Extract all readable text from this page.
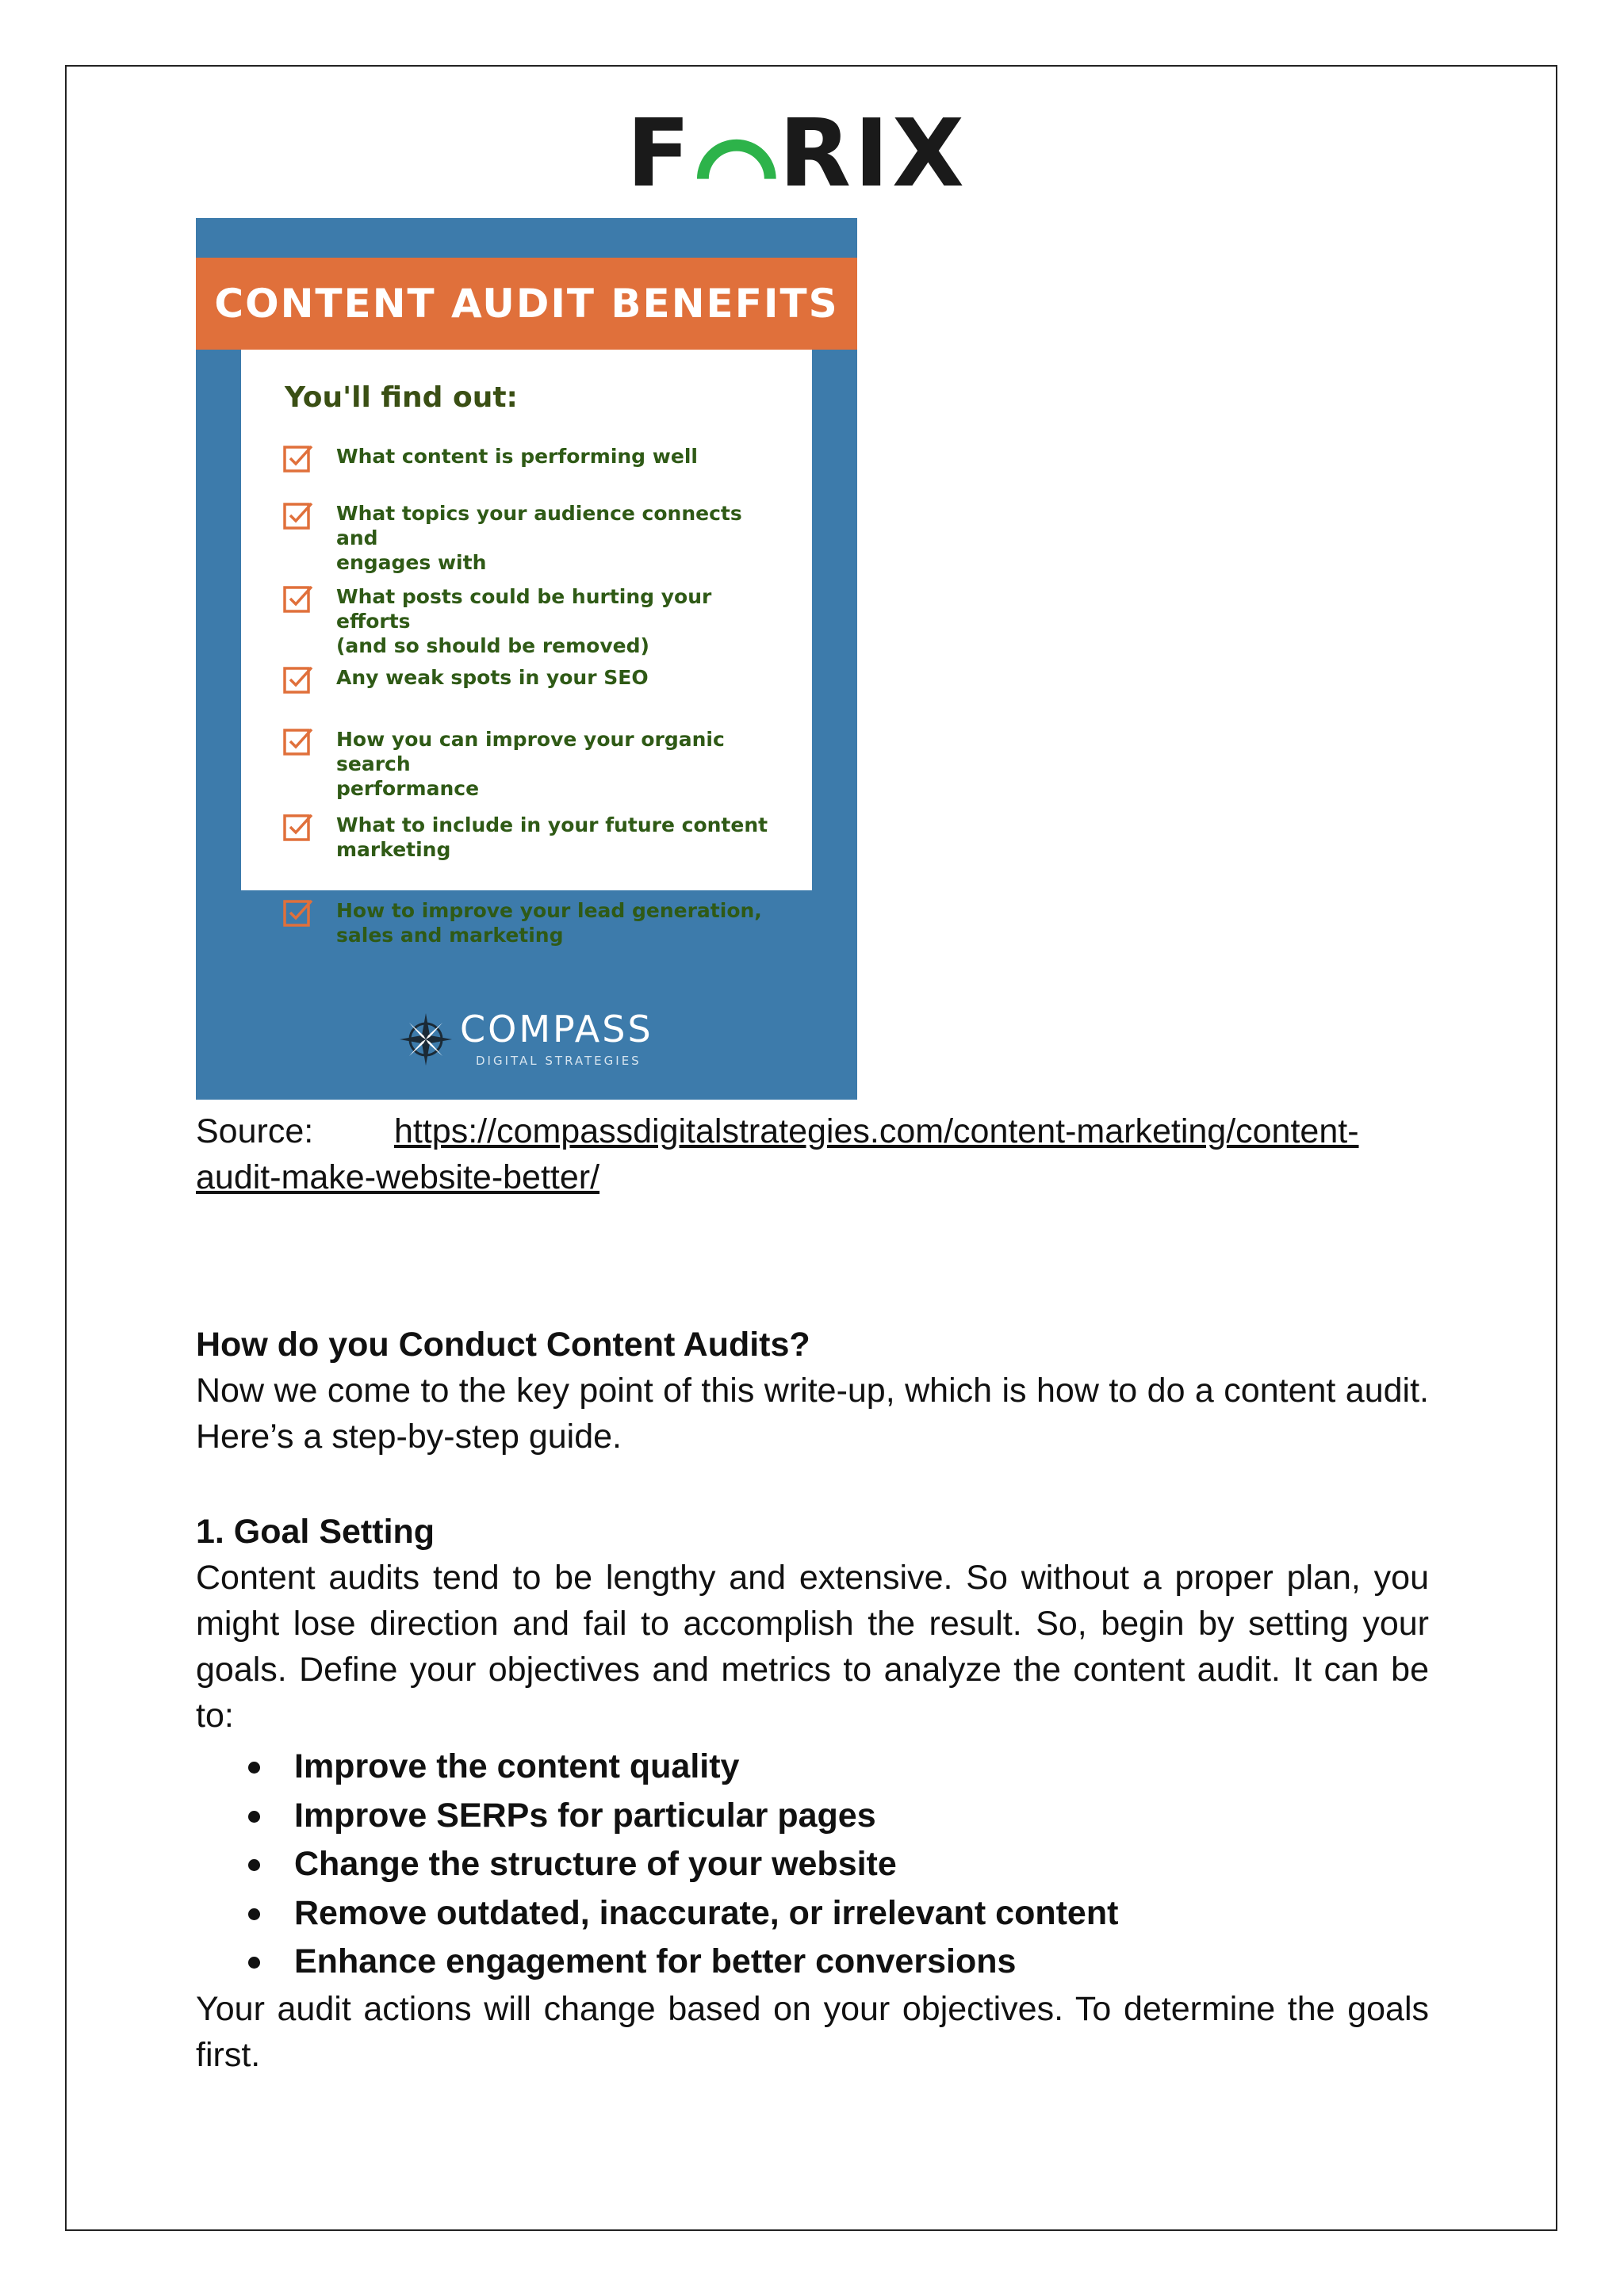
F RIX
CONTENT AUDIT BENEFITS
You'll find out:
What content is performing well
What topics your audience connects and
engages with
What posts could be hurting your efforts
(and so should be removed)
Any weak spots in your SEO
How you can improve your organic search
performance
What to include in your future content
marketing
How to improve your lead generation,
sales and marketing
COMPASS
DIGITAL STRATEGIES
Source: https://compassdigitalstrategies.com/content-marketing/content-
audit-make-website-better/
How do you Conduct Content Audits?
Now we come to the key point of this write-up, which is how to do a content audit. Here’s a step-by-step guide.
1. Goal Setting
Content audits tend to be lengthy and extensive. So without a proper plan, you might lose direction and fail to accomplish the result. So, begin by setting your goals. Define your objectives and metrics to analyze the content audit. It can be to:
Improve the content quality
Improve SERPs for particular pages
Change the structure of your website
Remove outdated, inaccurate, or irrelevant content
Enhance engagement for better conversions
Your audit actions will change based on your objectives. To determine the goals first.
